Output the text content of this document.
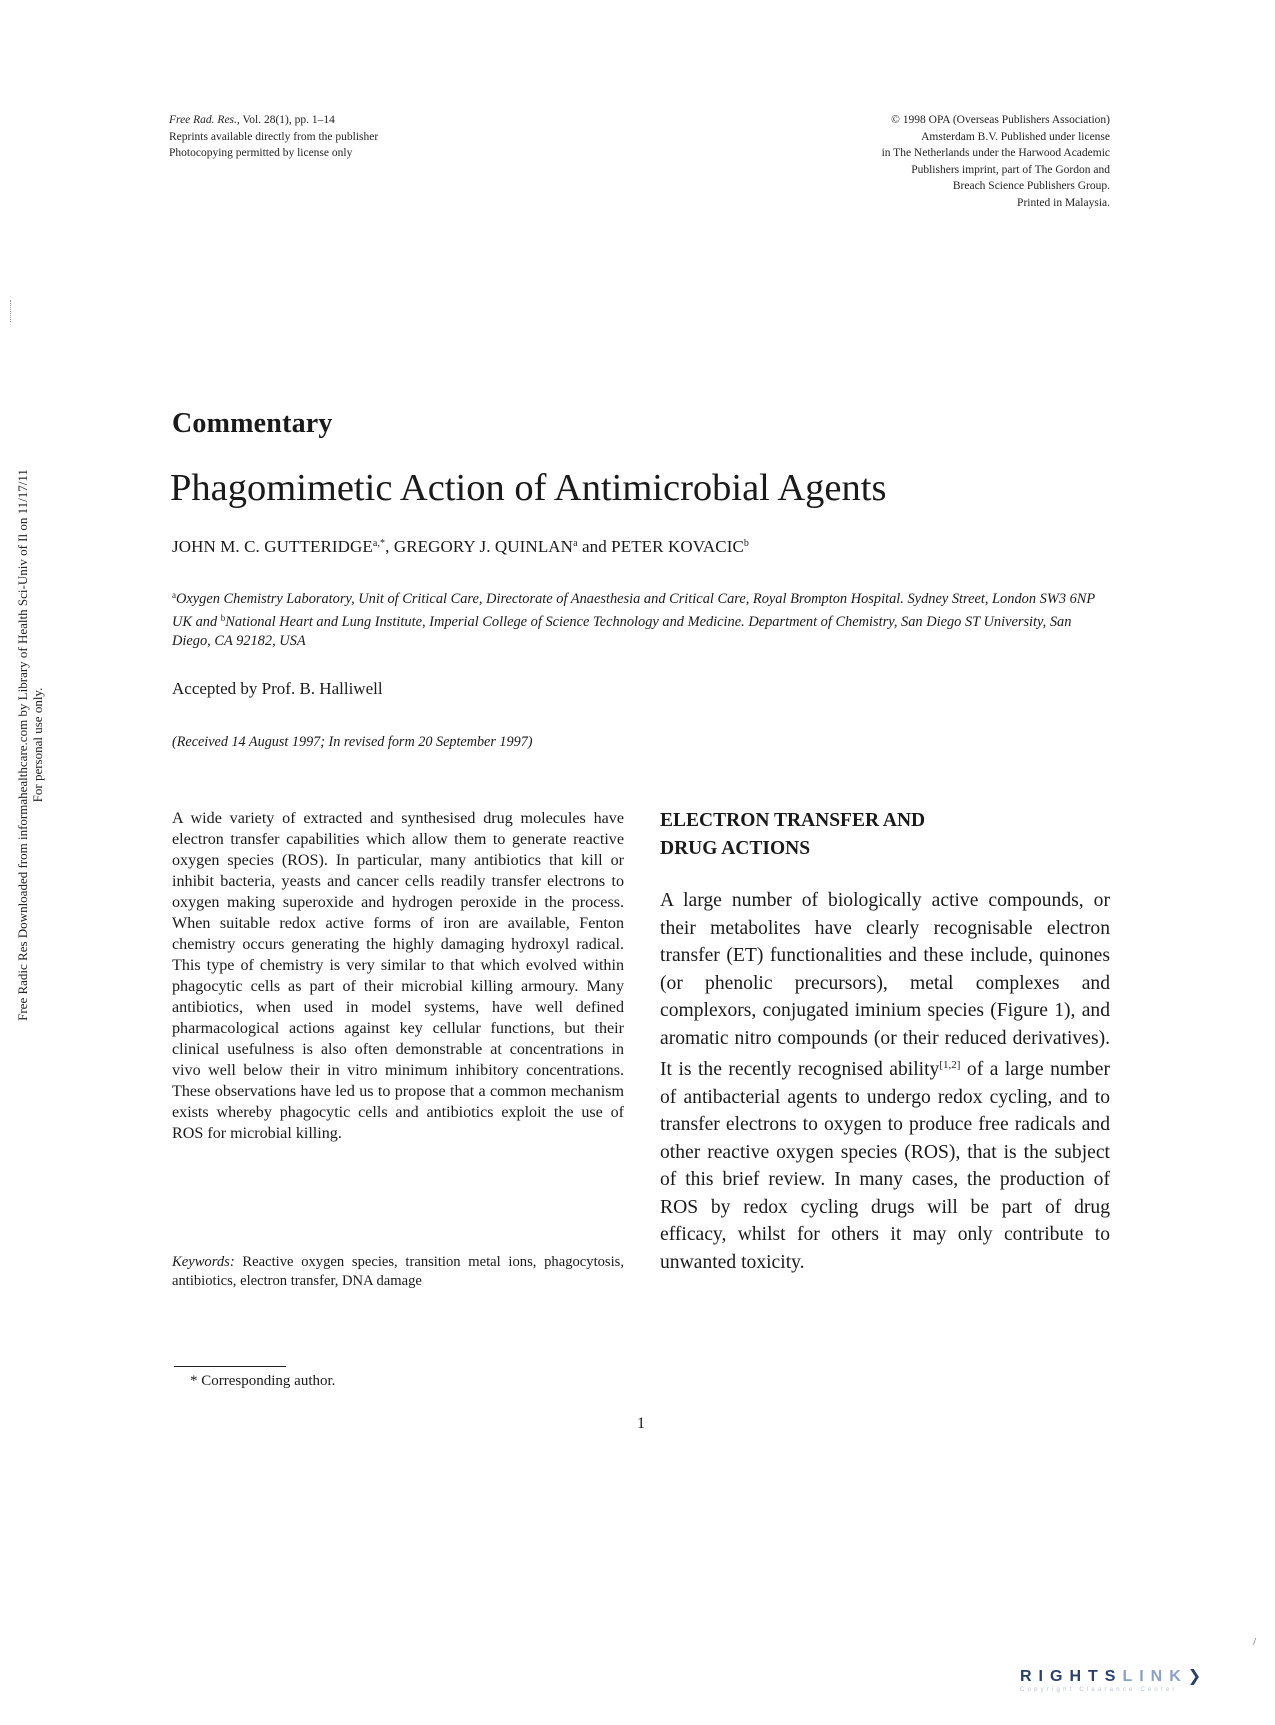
Free Rad. Res., Vol. 28(1), pp. 1–14
Reprints available directly from the publisher
Photocopying permitted by license only
© 1998 OPA (Overseas Publishers Association)
Amsterdam B.V. Published under license
in The Netherlands under the Harwood Academic
Publishers imprint, part of The Gordon and
Breach Science Publishers Group.
Printed in Malaysia.
Free Radic Res Downloaded from informahealthcare.com by Library of Health Sci-Univ of Il on 11/17/11 For personal use only.
Commentary
Phagomimetic Action of Antimicrobial Agents
JOHN M. C. $GUTTERIDGE^{a,*}$, GREGORY J. QUINLAN$^a$ and PETER KOVACIC$^b$
$^a$Oxygen Chemistry Laboratory, Unit of Critical Care, Directorate of Anaesthesia and Critical Care, Royal Brompton Hospital. Sydney Street, London SW3 6NP UK and $^b$National Heart and Lung Institute, Imperial College of Science Technology and Medicine. Department of Chemistry, San Diego ST University, San Diego, CA 92182, USA
Accepted by Prof. B. Halliwell
(Received 14 August 1997; In revised form 20 September 1997)
A wide variety of extracted and synthesised drug molecules have electron transfer capabilities which allow them to generate reactive oxygen species (ROS). In particular, many antibiotics that kill or inhibit bacteria, yeasts and cancer cells readily transfer electrons to oxygen making superoxide and hydrogen peroxide in the process. When suitable redox active forms of iron are available, Fenton chemistry occurs generating the highly damaging hydroxyl radical. This type of chemistry is very similar to that which evolved within phagocytic cells as part of their microbial killing armoury. Many antibiotics, when used in model systems, have well defined pharmacological actions against key cellular functions, but their clinical usefulness is also often demonstrable at concentrations in vivo well below their in vitro minimum inhibitory concentrations. These observations have led us to propose that a common mechanism exists whereby phagocytic cells and antibiotics exploit the use of ROS for microbial killing.
Keywords: Reactive oxygen species, transition metal ions, phagocytosis, antibiotics, electron transfer, DNA damage
ELECTRON TRANSFER AND
DRUG ACTIONS
A large number of biologically active compounds, or their metabolites have clearly recognisable electron transfer (ET) functionalities and these include, quinones (or phenolic precursors), metal complexes and complexors, conjugated iminium species (Figure 1), and aromatic nitro compounds (or their reduced derivatives). It is the recently recognised ability[1,2] of a large number of antibacterial agents to undergo redox cycling, and to transfer electrons to oxygen to produce free radicals and other reactive oxygen species (ROS), that is the subject of this brief review. In many cases, the production of ROS by redox cycling drugs will be part of drug efficacy, whilst for others it may only contribute to unwanted toxicity.
* Corresponding author.
1
/
RIGHTSLINK❯
Copyright Clearance Center
